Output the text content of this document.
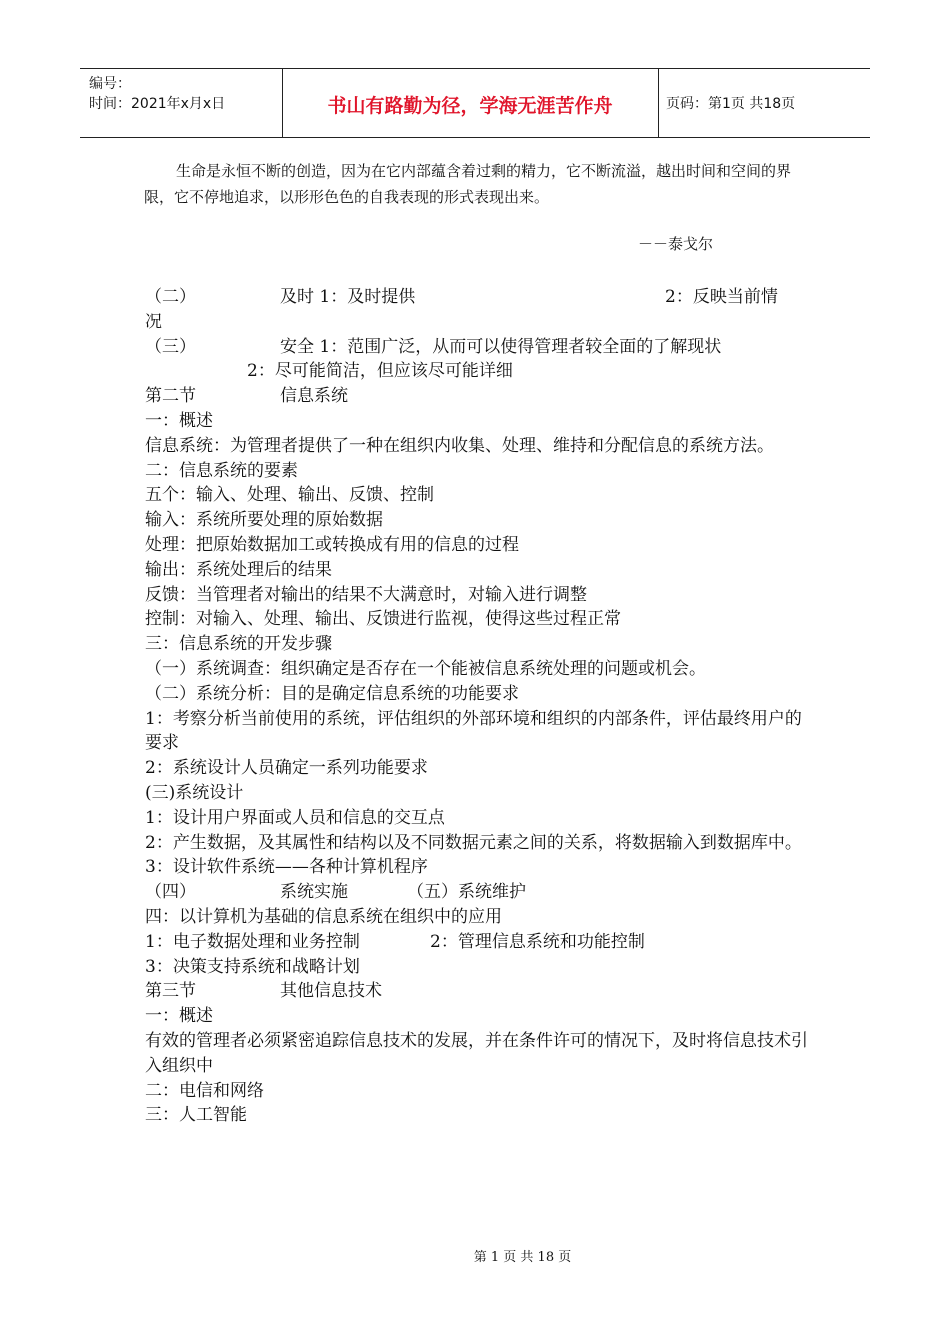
编号：
时间：2021年x月x日	书山有路勤为径，学海无涯苦作舟	页码：第1页 共18页

生命是永恒不断的创造，因为在它内部蕴含着过剩的精力，它不断流溢，越出时间和空间的界限，它不停地追求，以形形色色的自我表现的形式表现出来。

－－泰戈尔
（二）	及时 1：及时提供	2：反映当前情
况
（三）	安全 1：范围广泛，从而可以使得管理者较全面的了解现状
2：尽可能简洁，但应该尽可能详细
第二节	信息系统
一：概述
信息系统：为管理者提供了一种在组织内收集、处理、维持和分配信息的系统方法。
二：信息系统的要素
五个：输入、处理、输出、反馈、控制
输入：系统所要处理的原始数据
处理：把原始数据加工或转换成有用的信息的过程
输出：系统处理后的结果
反馈：当管理者对输出的结果不大满意时，对输入进行调整
控制：对输入、处理、输出、反馈进行监视，使得这些过程正常
三：信息系统的开发步骤
（一）系统调查：组织确定是否存在一个能被信息系统处理的问题或机会。
（二）系统分析：目的是确定信息系统的功能要求
1：考察分析当前使用的系统，评估组织的外部环境和组织的内部条件，评估最终用户的要求
2：系统设计人员确定一系列功能要求
(三)系统设计
1：设计用户界面或人员和信息的交互点
2：产生数据，及其属性和结构以及不同数据元素之间的关系，将数据输入到数据库中。
3：设计软件系统——各种计算机程序
（四）	系统实施	（五）系统维护
四：以计算机为基础的信息系统在组织中的应用
1：电子数据处理和业务控制	2：管理信息系统和功能控制
3：决策支持系统和战略计划
第三节	其他信息技术
一：概述
有效的管理者必须紧密追踪信息技术的发展，并在条件许可的情况下，及时将信息技术引入组织中
二：电信和网络
三：人工智能
第 1 页 共 18 页
